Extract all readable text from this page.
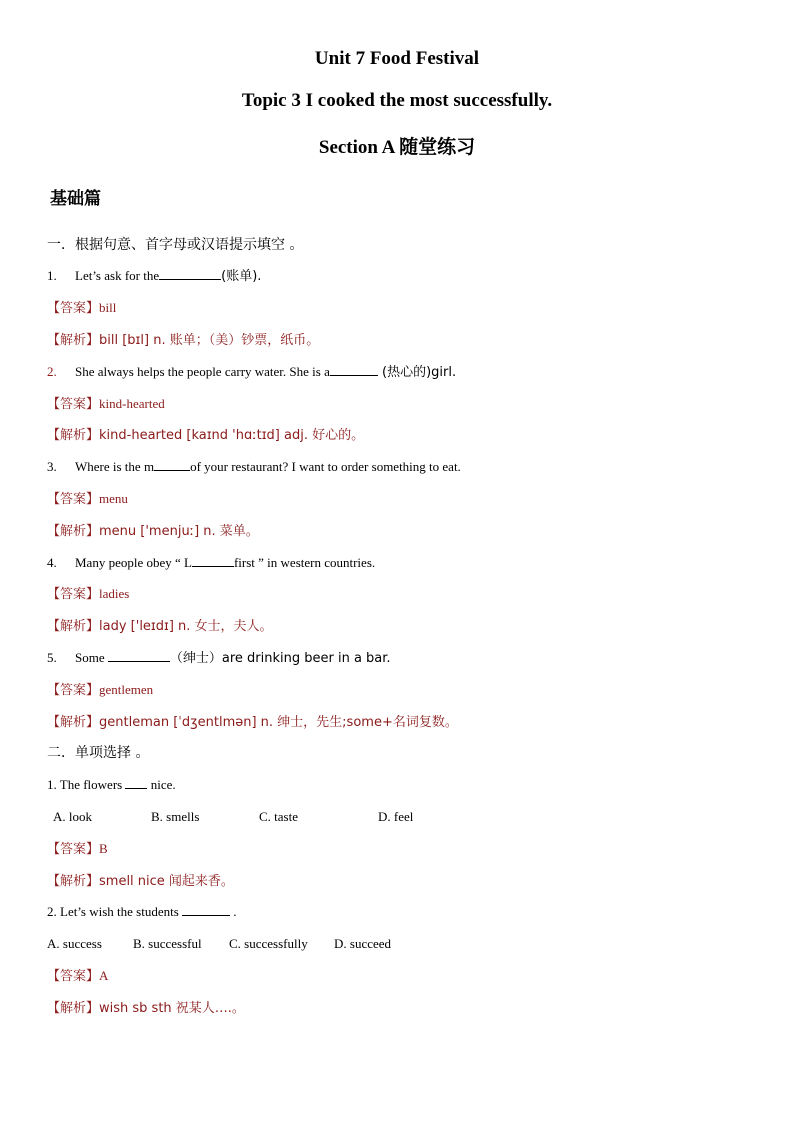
Unit 7 Food Festival
Topic 3 I cooked the most successfully.
Section A 随堂练习
基础篇
一．根据句意、首字母或汉语提示填空 。
1. Let’s ask for the	(账单).
【答案】bill
【解析】bill [bɪl] n. 账单；（美）钞票，纸币。
2. She always helps the people carry water. She is a	(热心的)girl.
【答案】kind-hearted
【解析】kind-hearted [kaɪnd 'hɑːtɪd] adj. 好心的。
3. Where is the m	of your restaurant? I want to order something to eat.
【答案】menu
【解析】menu ['menjuː] n. 菜单。
4. Many people obey “ L	first ” in western countries.
【答案】ladies
【解析】lady ['leɪdɪ] n. 女士，夫人。
5. Some	（绅士）are drinking beer in a bar.
【答案】gentlemen
【解析】gentleman [ˈdʒentlmən] n. 绅士，先生;some+名词复数。
二．单项选择 。
1. The flowers  nice.
A. look	B. smells	C. taste	D. feel
【答案】B
【解析】smell nice 闻起来香。
2. Let’s wish the students	.
A. success B. successful C. successfully D. succeed
【答案】A
【解析】wish sb sth 祝某人….。
